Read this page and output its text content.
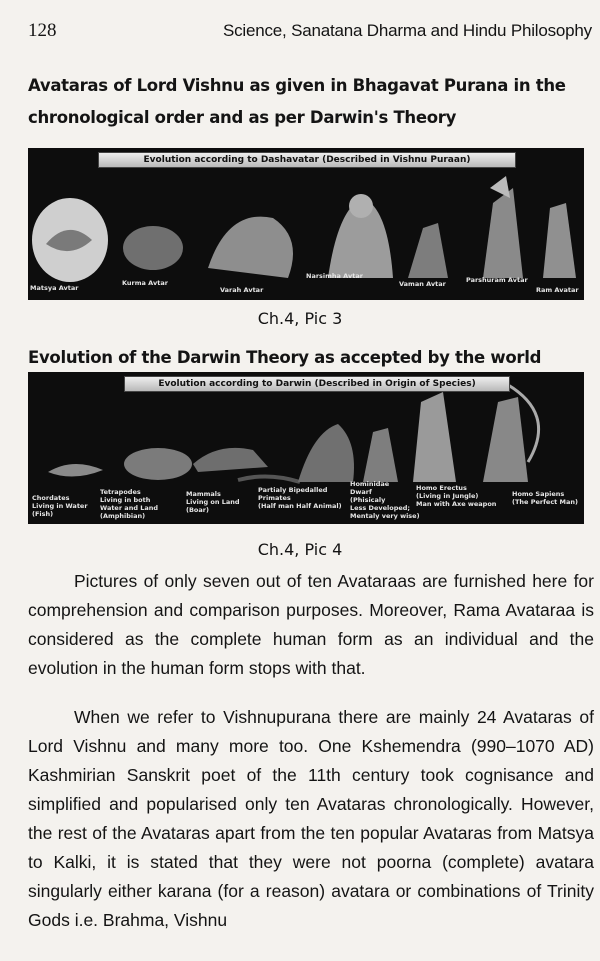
128	Science, Sanatana Dharma and Hindu Philosophy
Avataras of Lord Vishnu as given in Bhagavat Purana in the chronological order and as per Darwin's Theory
Evolution according to Dashavatar (Described in Vishnu Puraan)
Matsya Avtar
Kurma Avtar
Varah Avtar
Narsimha Avtar
Vaman Avtar	Parshuram Avtar
Ram Avatar
Ch.4, Pic 3
Evolution of the Darwin Theory as accepted by the world
Evolution according to Darwin (Described in Origin of Species)
Chordates
Living in Water
(Fish)
Tetrapodes
Living in both
Water and Land
(Amphibian)
Mammals
Living on Land
(Boar)
Partialy Bipedalled
Primates
(Half man Half Animal)
Hominidae
Dwarf
(Phisicaly
Less Developed;
Mentaly very wise)
Homo Erectus
(Living in Jungle)
Man with Axe weapon
Homo Sapiens
(The Perfect Man)
Ch.4, Pic 4

Pictures of only seven out of ten Avataraas are furnished here for comprehension and comparison purposes. Moreover, Rama Avataraa is considered as the complete human form as an individual and the evolution in the human form stops with that.

When we refer to Vishnupurana there are mainly 24 Avataras of Lord Vishnu and many more too. One Kshemendra (990–1070 AD) Kashmirian Sanskrit poet of the 11th century took cognisance and simplified and popularised only ten Avataras chronologically. However, the rest of the Avataras apart from the ten popular Avataras from Matsya to Kalki, it is stated that they were not poorna (complete) avatara singularly either karana (for a reason) avatara or combinations of Trinity Gods i.e. Brahma, Vishnu
